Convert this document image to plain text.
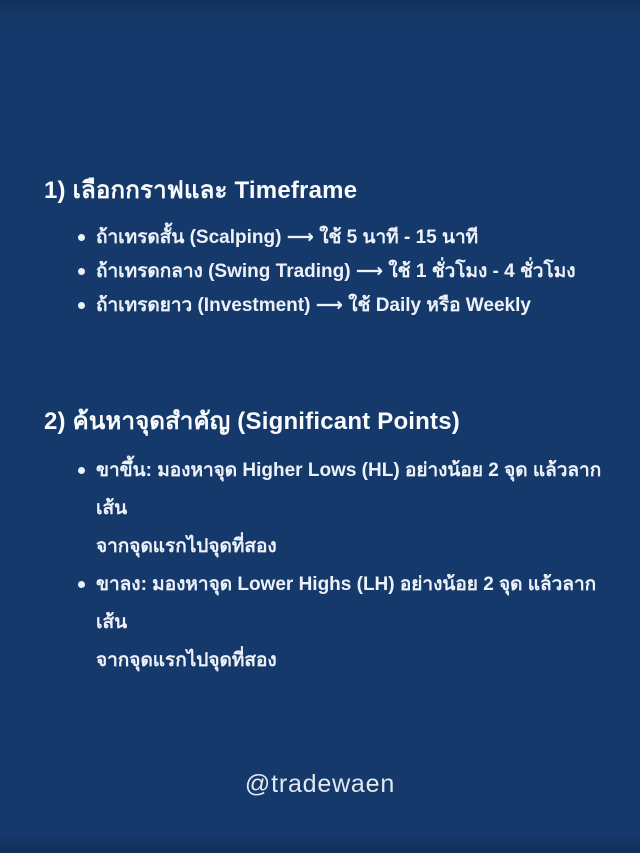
1) เลือกกราฟและ Timeframe
ถ้าเทรดสั้น (Scalping) ⟶ ใช้ 5 นาที - 15 นาที
ถ้าเทรดกลาง (Swing Trading) ⟶ ใช้ 1 ชั่วโมง - 4 ชั่วโมง
ถ้าเทรดยาว (Investment) ⟶ ใช้ Daily หรือ Weekly
2) ค้นหาจุดสำคัญ (Significant Points)
ขาขึ้น: มองหาจุด Higher Lows (HL) อย่างน้อย 2 จุด แล้วลากเส้น
จากจุดแรกไปจุดที่สอง
ขาลง: มองหาจุด Lower Highs (LH) อย่างน้อย 2 จุด แล้วลากเส้น
จากจุดแรกไปจุดที่สอง
@tradewaen
